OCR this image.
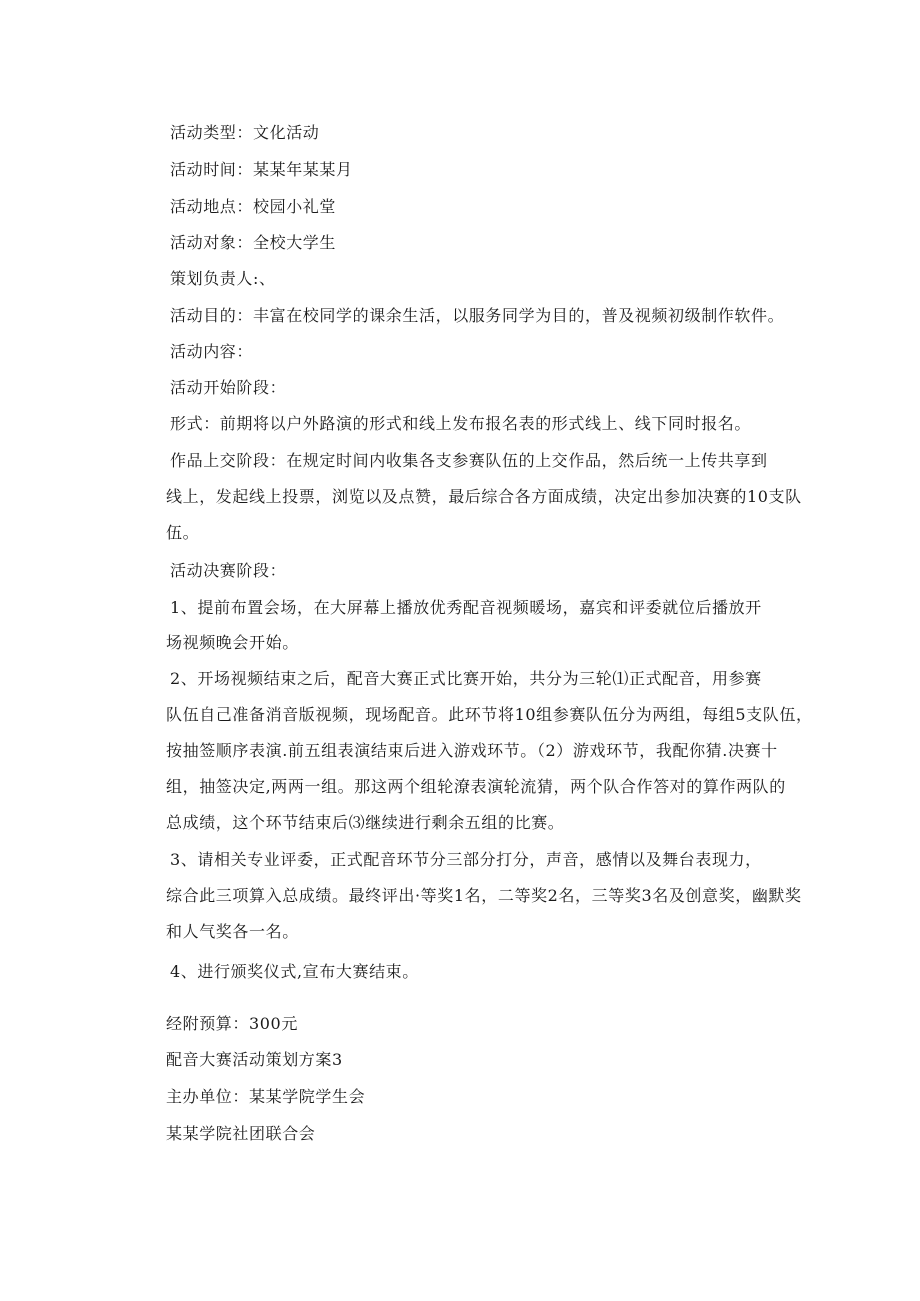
活动类型：文化活动
活动时间：某某年某某月
活动地点：校园小礼堂
活动对象：全校大学生
策划负责人:、
活动目的：丰富在校同学的课余生活，以服务同学为目的，普及视频初级制作软件。
活动内容：
活动开始阶段：
形式：前期将以户外路演的形式和线上发布报名表的形式线上、线下同时报名。
作品上交阶段：在规定时间内收集各支参赛队伍的上交作品，然后统一上传共享到
线上，发起线上投票，浏览以及点赞，最后综合各方面成绩，决定出参加决赛的10支队
伍。
活动决赛阶段：
1、提前布置会场，在大屏幕上播放优秀配音视频暖场，嘉宾和评委就位后播放开
场视频晚会开始。
2、开场视频结束之后，配音大赛正式比赛开始，共分为三轮⑴正式配音，用参赛
队伍自己准备消音版视频，现场配音。此环节将10组参赛队伍分为两组，每组5支队伍，
按抽签顺序表演.前五组表演结束后进入游戏环节。（2）游戏环节，我配你猜.决赛十
组，抽签决定,两两一组。那这两个组轮潦表演轮流猜，两个队合作答对的算作两队的
总成绩，这个环节结束后⑶继续进行剩余五组的比赛。
3、请相关专业评委，正式配音环节分三部分打分，声音，感情以及舞台表现力，
综合此三项算入总成绩。最终评出·等奖1名，二等奖2名，三等奖3名及创意奖，幽默奖
和人气奖各一名。
4、进行颁奖仪式,宣布大赛结束。
经附预算：300元
配音大赛活动策划方案3
主办单位：某某学院学生会
某某学院社团联合会
